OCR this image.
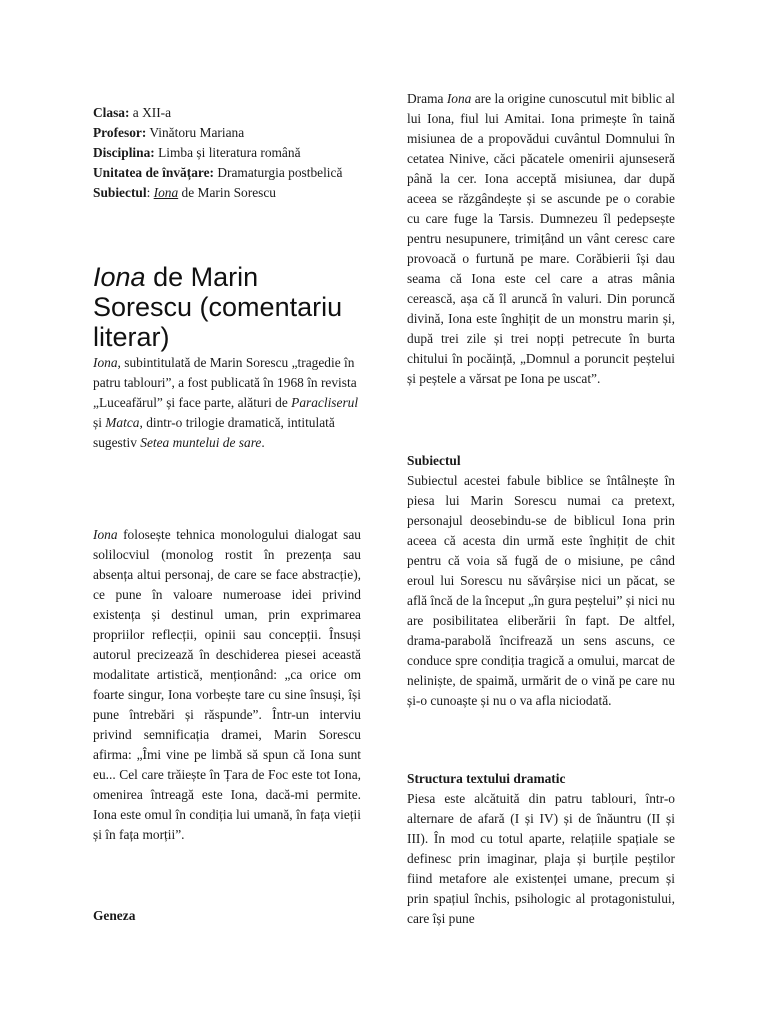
Clasa: a XII-a

Profesor: Vinătoru Mariana

Disciplina: Limba și literatura română

Unitatea de învățare: Dramaturgia postbelică

Subiectul: Iona de Marin Sorescu

Iona de Marin Sorescu (comentariu literar)

Iona, subintitulată de Marin Sorescu „tragedie în patru tablouri”, a fost publicată în 1968 în revista „Luceafărul” și face parte, alături de Paracliserul și Matca, dintr-o trilogie dramatică, intitulată sugestiv Setea muntelui de sare.

Iona folosește tehnica monologului dialogat sau solilocviul (monolog rostit în prezența sau absența altui personaj, de care se face abstracție), ce pune în valoare numeroase idei privind existența și destinul uman, prin exprimarea propriilor reflecții, opinii sau concepții. Însuși autorul precizează în deschiderea piesei această modalitate artistică, menționând: „ca orice om foarte singur, Iona vorbește tare cu sine însuși, își pune întrebări și răspunde”. Într-un interviu privind semnificația dramei, Marin Sorescu afirma: „Îmi vine pe limbă să spun că Iona sunt eu... Cel care trăiește în Țara de Foc este tot Iona, omenirea întreagă este Iona, dacă-mi permite. Iona este omul în condiția lui umană, în fața vieții și în fața morții”.

Geneza

Drama Iona are la origine cunoscutul mit biblic al lui Iona, fiul lui Amitai. Iona primește în taină misiunea de a propovădui cuvântul Domnului în cetatea Ninive, căci păcatele omenirii ajunseseră până la cer. Iona acceptă misiunea, dar după aceea se răzgândește și se ascunde pe o corabie cu care fuge la Tarsis. Dumnezeu îl pedepsește pentru nesupunere, trimițând un vânt ceresc care provoacă o furtună pe mare. Corăbierii își dau seama că Iona este cel care a atras mânia cerească, așa că îl aruncă în valuri. Din poruncă divină, Iona este înghițit de un monstru marin și, după trei zile și trei nopți petrecute în burta chitului în pocăință, „Domnul a poruncit peștelui și peștele a vărsat pe Iona pe uscat”.

Subiectul

Subiectul acestei fabule biblice se întâlnește în piesa lui Marin Sorescu numai ca pretext, personajul deosebindu-se de biblicul Iona prin aceea că acesta din urmă este înghițit de chit pentru că voia să fugă de o misiune, pe când eroul lui Sorescu nu săvârșise nici un păcat, se află încă de la început „în gura peștelui” și nici nu are posibilitatea eliberării în fapt. De altfel, drama-parabolă încifrează un sens ascuns, ce conduce spre condiția tragică a omului, marcat de neliniște, de spaimă, urmărit de o vină pe care nu și-o cunoaște și nu o va afla niciodată.

Structura textului dramatic

Piesa este alcătuită din patru tablouri, într-o alternare de afară (I și IV) și de înăuntru (II și III). În mod cu totul aparte, relațiile spațiale se definesc prin imaginar, plaja și burțile peștilor fiind metafore ale existenței umane, precum și prin spațiul închis, psihologic al protagonistului, care își pune
